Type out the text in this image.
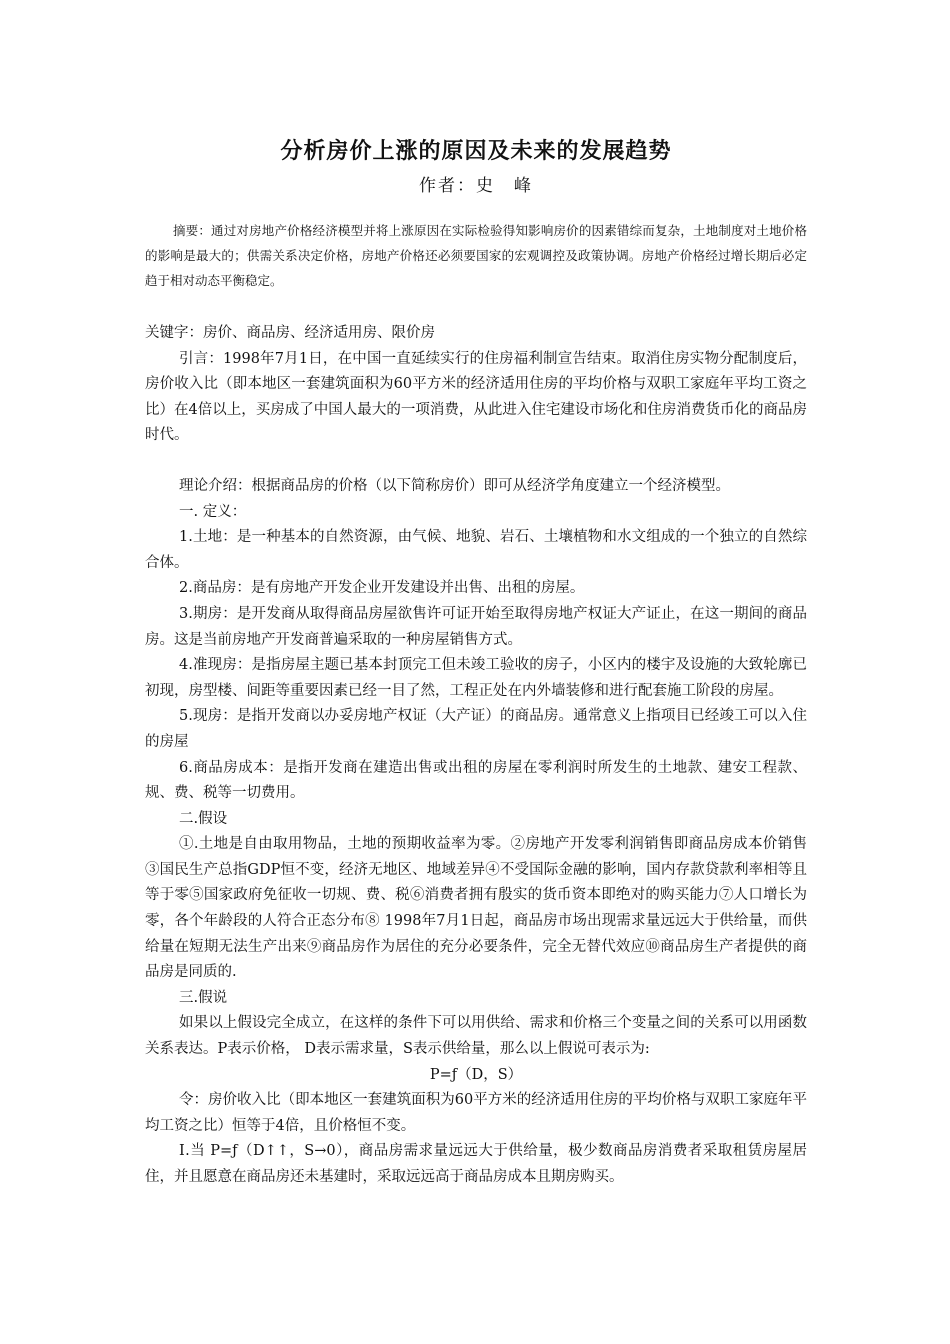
分析房价上涨的原因及未来的发展趋势

作者：史　峰

摘要：通过对房地产价格经济模型并将上涨原因在实际检验得知影响房价的因素错综而复杂，土地制度对土地价格的影响是最大的；供需关系决定价格，房地产价格还必须要国家的宏观调控及政策协调。房地产价格经过增长期后必定趋于相对动态平衡稳定。

关键字：房价、商品房、经济适用房、限价房

引言：1998年7月1日，在中国一直延续实行的住房福利制宣告结束。取消住房实物分配制度后，房价收入比（即本地区一套建筑面积为60平方米的经济适用住房的平均价格与双职工家庭年平均工资之比）在4倍以上，买房成了中国人最大的一项消费，从此进入住宅建设市场化和住房消费货币化的商品房时代。

理论介绍：根据商品房的价格（以下简称房价）即可从经济学角度建立一个经济模型。

一. 定义：

1.土地：是一种基本的自然资源，由气候、地貌、岩石、土壤植物和水文组成的一个独立的自然综合体。

2.商品房：是有房地产开发企业开发建设并出售、出租的房屋。

3.期房：是开发商从取得商品房屋欲售许可证开始至取得房地产权证大产证止，在这一期间的商品房。这是当前房地产开发商普遍采取的一种房屋销售方式。

4.准现房：是指房屋主题已基本封顶完工但未竣工验收的房子，小区内的楼宇及设施的大致轮廓已初现，房型楼、间距等重要因素已经一目了然，工程正处在内外墙装修和进行配套施工阶段的房屋。

5.现房：是指开发商以办妥房地产权证（大产证）的商品房。通常意义上指项目已经竣工可以入住的房屋

6.商品房成本：是指开发商在建造出售或出租的房屋在零利润时所发生的土地款、建安工程款、规、费、税等一切费用。

二.假设

①.土地是自由取用物品，土地的预期收益率为零。②房地产开发零利润销售即商品房成本价销售③国民生产总指GDP恒不变，经济无地区、地域差异④不受国际金融的影响，国内存款贷款利率相等且等于零⑤国家政府免征收一切规、费、税⑥消费者拥有殷实的货币资本即绝对的购买能力⑦人口增长为零，各个年龄段的人符合正态分布⑧ 1998年7月1日起，商品房市场出现需求量远远大于供给量，而供给量在短期无法生产出来⑨商品房作为居住的充分必要条件，完全无替代效应⑩商品房生产者提供的商品房是同质的.

三.假说

如果以上假设完全成立，在这样的条件下可以用供给、需求和价格三个变量之间的关系可以用函数关系表达。P表示价格， D表示需求量，S表示供给量，那么以上假说可表示为:

P=ƒ（D，S）

令：房价收入比（即本地区一套建筑面积为60平方米的经济适用住房的平均价格与双职工家庭年平均工资之比）恒等于4倍，且价格恒不变。

Ⅰ.当 P=ƒ（D↑↑，S→0），商品房需求量远远大于供给量，极少数商品房消费者采取租赁房屋居住，并且愿意在商品房还未基建时，采取远远高于商品房成本且期房购买。
